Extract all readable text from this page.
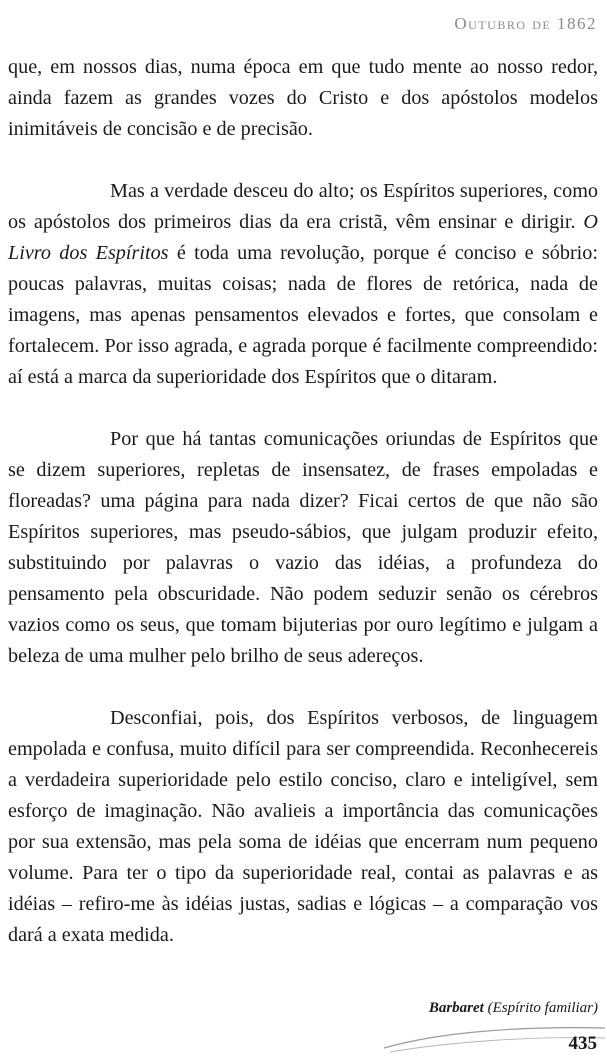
Outubro de 1862

que, em nossos dias, numa época em que tudo mente ao nosso redor, ainda fazem as grandes vozes do Cristo e dos apóstolos modelos inimitáveis de concisão e de precisão.

Mas a verdade desceu do alto; os Espíritos superiores, como os apóstolos dos primeiros dias da era cristã, vêm ensinar e dirigir. O Livro dos Espíritos é toda uma revolução, porque é conciso e sóbrio: poucas palavras, muitas coisas; nada de flores de retórica, nada de imagens, mas apenas pensamentos elevados e fortes, que consolam e fortalecem. Por isso agrada, e agrada porque é facilmente compreendido: aí está a marca da superioridade dos Espíritos que o ditaram.

Por que há tantas comunicações oriundas de Espíritos que se dizem superiores, repletas de insensatez, de frases empoladas e floreadas? uma página para nada dizer? Ficai certos de que não são Espíritos superiores, mas pseudo-sábios, que julgam produzir efeito, substituindo por palavras o vazio das idéias, a profundeza do pensamento pela obscuridade. Não podem seduzir senão os cérebros vazios como os seus, que tomam bijuterias por ouro legítimo e julgam a beleza de uma mulher pelo brilho de seus adereços.

Desconfiai, pois, dos Espíritos verbosos, de linguagem empolada e confusa, muito difícil para ser compreendida. Reconhecereis a verdadeira superioridade pelo estilo conciso, claro e inteligível, sem esforço de imaginação. Não avalieis a importância das comunicações por sua extensão, mas pela soma de idéias que encerram num pequeno volume. Para ter o tipo da superioridade real, contai as palavras e as idéias – refiro-me às idéias justas, sadias e lógicas – a comparação vos dará a exata medida.

Barbaret (Espírito familiar)
435
